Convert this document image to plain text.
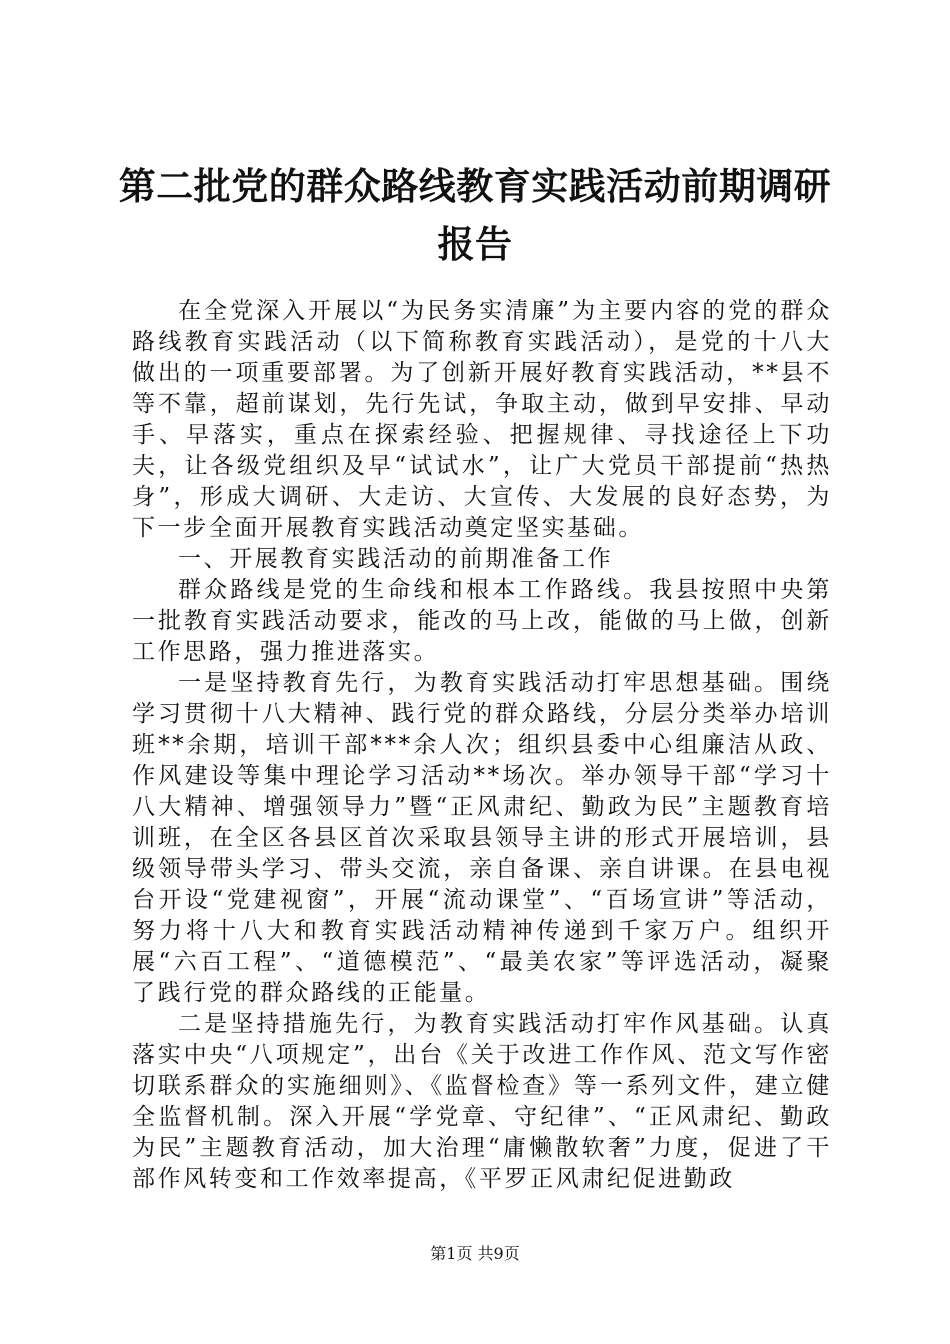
第二批党的群众路线教育实践活动前期调研报告

在全党深入开展以“为民务实清廉”为主要内容的党的群众路线教育实践活动（以下简称教育实践活动），是党的十八大做出的一项重要部署。为了创新开展好教育实践活动，**县不等不靠，超前谋划，先行先试，争取主动，做到早安排、早动手、早落实，重点在探索经验、把握规律、寻找途径上下功夫，让各级党组织及早“试试水”，让广大党员干部提前“热热身”，形成大调研、大走访、大宣传、大发展的良好态势，为下一步全面开展教育实践活动奠定坚实基础。

一、开展教育实践活动的前期准备工作

群众路线是党的生命线和根本工作路线。我县按照中央第一批教育实践活动要求，能改的马上改，能做的马上做，创新工作思路，强力推进落实。

一是坚持教育先行，为教育实践活动打牢思想基础。围绕学习贯彻十八大精神、践行党的群众路线，分层分类举办培训班**余期，培训干部***余人次；组织县委中心组廉洁从政、作风建设等集中理论学习活动**场次。举办领导干部“学习十八大精神、增强领导力”暨“正风肃纪、勤政为民”主题教育培训班，在全区各县区首次采取县领导主讲的形式开展培训，县级领导带头学习、带头交流，亲自备课、亲自讲课。在县电视台开设“党建视窗”，开展“流动课堂”、“百场宣讲”等活动，努力将十八大和教育实践活动精神传递到千家万户。组织开展“六百工程”、“道德模范”、“最美农家”等评选活动，凝聚了践行党的群众路线的正能量。

二是坚持措施先行，为教育实践活动打牢作风基础。认真落实中央“八项规定”，出台《关于改进工作作风、范文写作密切联系群众的实施细则》、《监督检查》等一系列文件，建立健全监督机制。深入开展“学党章、守纪律”、“正风肃纪、勤政为民”主题教育活动，加大治理“庸懒散软奢”力度，促进了干部作风转变和工作效率提高，《平罗正风肃纪促进勤政

第1页 共9页
